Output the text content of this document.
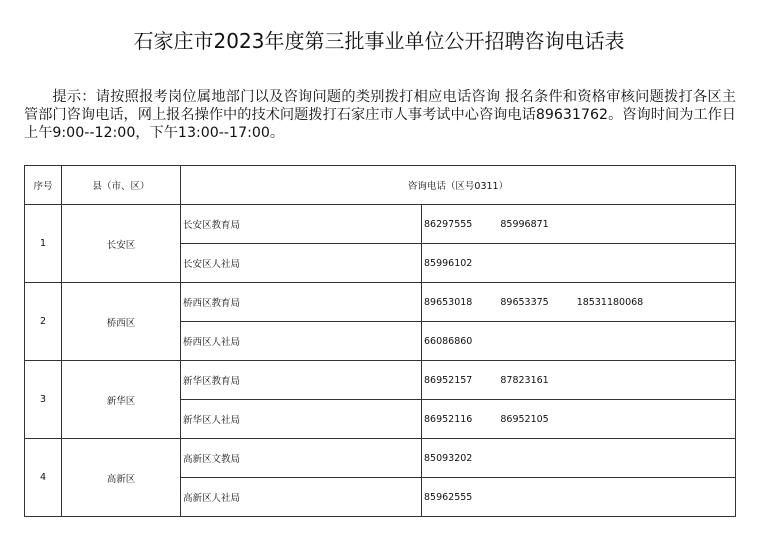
石家庄市2023年度第三批事业单位公开招聘咨询电话表
提示：请按照报考岗位属地部门以及咨询问题的类别拨打相应电话咨询 报名条件和资格审核问题拨打各区主管部门咨询电话，网上报名操作中的技术问题拨打石家庄市人事考试中心咨询电话89631762。咨询时间为工作日上午9:00--12:00，下午13:00--17:00。
序号	县（市、区）	咨询电话（区号0311）	
1	长安区	长安区教育局	86297555 85996871
		长安区人社局	85996102
2	桥西区	桥西区教育局	89653018 89653375 18531180068
		桥西区人社局	66086860
3	新华区	新华区教育局	86952157 87823161
		新华区人社局	86952116 86952105
4	高新区	高新区文教局	85093202
		高新区人社局	85962555
